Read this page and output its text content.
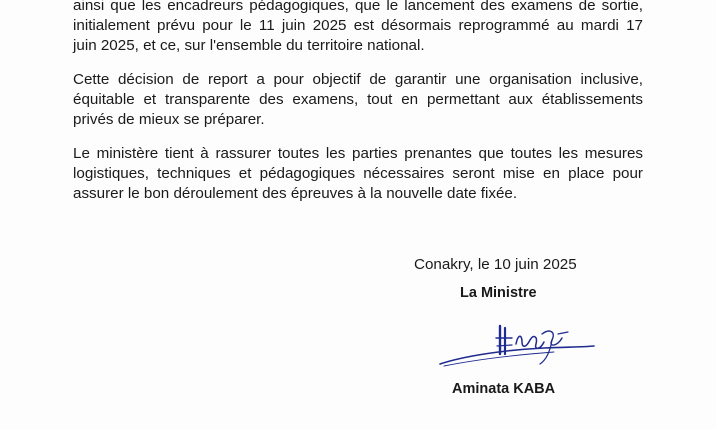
ainsi que les encadreurs pédagogiques, que le lancement des examens de sortie,
initialement prévu pour le 11 juin 2025 est désormais reprogrammé au mardi 17
juin 2025, et ce, sur l'ensemble du territoire national.

Cette décision de report a pour objectif de garantir une organisation inclusive,
équitable et transparente des examens, tout en permettant aux établissements
privés de mieux se préparer.

Le ministère tient à rassurer toutes les parties prenantes que toutes les mesures
logistiques, techniques et pédagogiques nécessaires seront mise en place pour
assurer le bon déroulement des épreuves à la nouvelle date fixée.

Conakry, le 10 juin 2025

La Ministre

Aminata KABA
